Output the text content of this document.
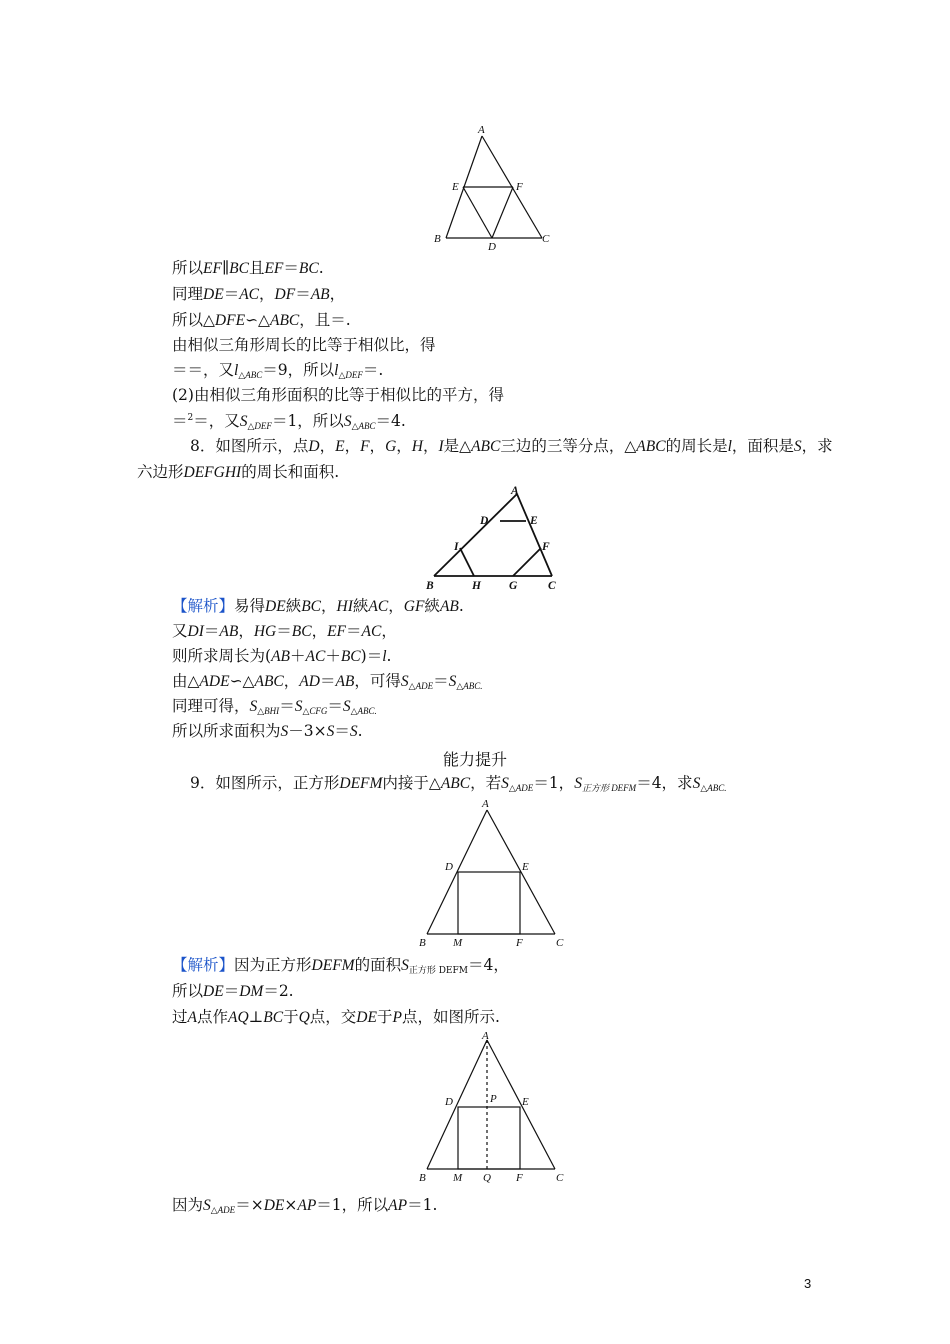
A
E	F
B
D
C
所以EF∥BC且EF＝BC.
同理DE＝AC，DF＝AB，
所以△DFE∽△ABC，且＝.
由相似三角形周长的比等于相似比，得
＝＝，又l△ABC＝9，所以l△DEF＝.
(2)由相似三角形面积的比等于相似比的平方，得
＝$^2$＝，又S△DEF＝1，所以S△ABC＝4.
8．如图所示，点D，E，F，G，H，I是△ABC三边的三等分点，△ABC的周长是l，面积是S，求
六边形DEFGHI的周长和面积.
A
D	E
I	F
B	H G	C
【解析】易得DE綊BC，HI綊AC，GF綊AB.
又DI＝AB，HG＝BC，EF＝AC，
则所求周长为(AB＋AC＋BC)＝l.
由△ADE∽△ABC，AD＝AB，可得S△ADE＝S△ABC.
同理可得，S△BHI＝S△CFG＝S△ABC.
所以所求面积为S－3×S＝S.
能力提升
9．如图所示，正方形DEFM内接于△ABC，若S△ADE＝1，S正方形 DEFM＝4，求S△ABC.
A
D	E
B M	F	C
【解析】因为正方形DEFM的面积S正方形 DEFM＝4，
所以DE＝DM＝2.
过A点作AQ⊥BC于Q点，交DE于P点，如图所示.
A
D	P E
B M Q F	C
因为S△ADE＝×DE×AP＝1，所以AP＝1.
3
